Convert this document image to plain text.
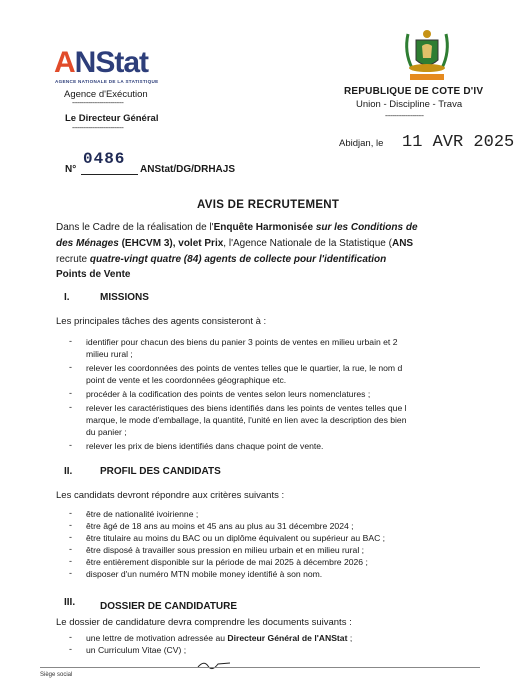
ANStat
AGENCE NATIONALE DE LA STATISTIQUE
Agence d'Exécution
----------------------------
Le Directeur Général
----------------------------
REPUBLIQUE DE COTE D'IV
Union - Discipline - Trava
---------------------
Abidjan, le 11 AVR 2025
N°
0486
ANStat/DG/DRHAJS
AVIS DE RECRUTEMENT
Dans le Cadre de la réalisation de l'Enquête Harmonisée sur les Conditions de
des Ménages (EHCVM 3), volet Prix, l'Agence Nationale de la Statistique (ANS
recrute quatre-vingt quatre (84) agents de collecte pour l'identification
Points de Vente
I.	MISSIONS
Les principales tâches des agents consisteront à :
- identifier pour chacun des biens du panier 3 points de ventes en milieu urbain et 2
milieu rural ;
- relever les coordonnées des points de ventes telles que le quartier, la rue, le nom d
point de vente et les coordonnées géographique etc.
- procéder à la codification des points de ventes selon leurs nomenclatures ;
- relever les caractéristiques des biens identifiés dans les points de ventes telles que l
marque, le mode d'emballage, la quantité, l'unité en lien avec la description des bien
du panier ;
- relever les prix de biens identifiés dans chaque point de vente.
II.	PROFIL DES CANDIDATS
Les candidats devront répondre aux critères suivants :
- être de nationalité ivoirienne ;
- être âgé de 18 ans au moins et 45 ans au plus au 31 décembre 2024 ;
- être titulaire au moins du BAC ou un diplôme équivalent ou supérieur au BAC ;
- être disposé à travailler sous pression en milieu urbain et en milieu rural ;
- être entièrement disponible sur la période de mai 2025 à décembre 2026 ;
- disposer d'un numéro MTN mobile money identifié à son nom.
III. DOSSIER DE CANDIDATURE
Le dossier de candidature devra comprendre les documents suivants :
- une lettre de motivation adressée au Directeur Général de l'ANStat ;
- un Curriculum Vitae (CV) ;
Siège social
